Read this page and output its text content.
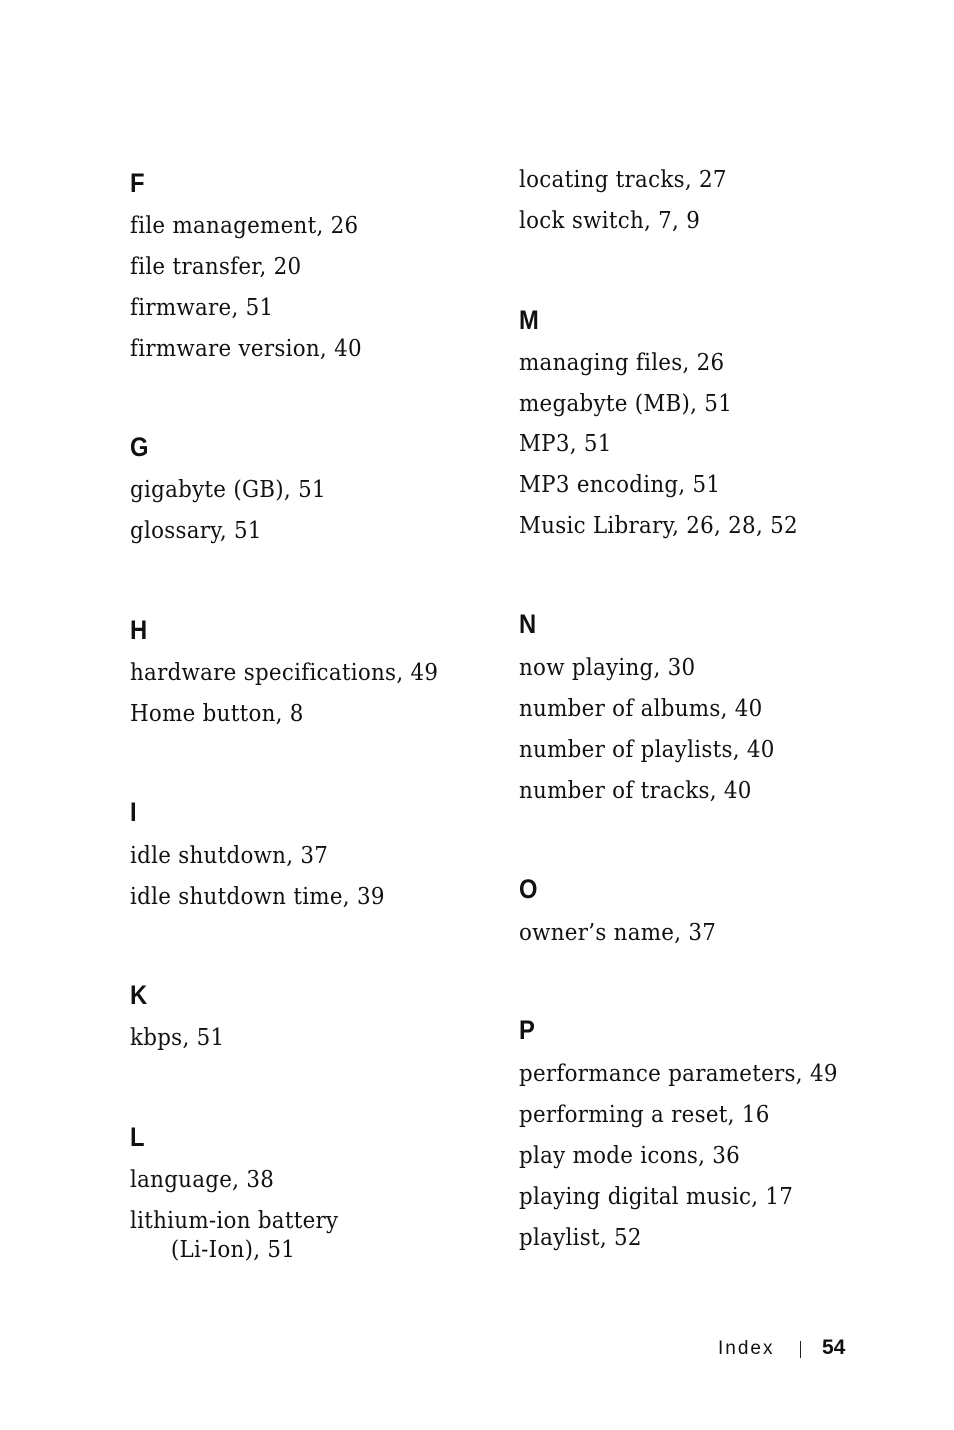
F
file management, 26
file transfer, 20
firmware, 51
firmware version, 40
G
gigabyte (GB), 51
glossary, 51
H
hardware specifications, 49
Home button, 8
I
idle shutdown, 37
idle shutdown time, 39
K
kbps, 51
L
language, 38
lithium-ion battery
(Li-Ion), 51
locating tracks, 27
lock switch, 7, 9
M
managing files, 26
megabyte (MB), 51
MP3, 51
MP3 encoding, 51
Music Library, 26, 28, 52
N
now playing, 30
number of albums, 40
number of playlists, 40
number of tracks, 40
O
owner’s name, 37
P
performance parameters, 49
performing a reset, 16
play mode icons, 36
playing digital music, 17
playlist, 52
Index 54
